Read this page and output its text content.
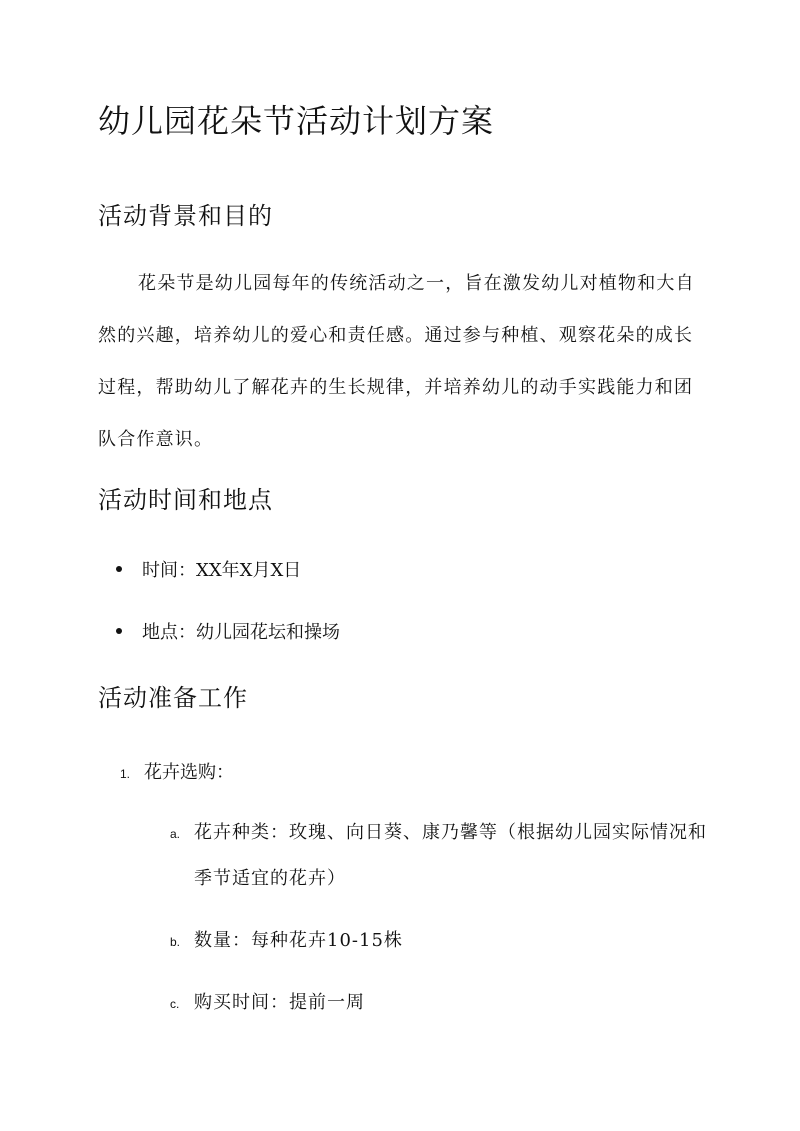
幼儿园花朵节活动计划方案
活动背景和目的

花朵节是幼儿园每年的传统活动之一，旨在激发幼儿对植物和大自然的兴趣，培养幼儿的爱心和责任感。通过参与种植、观察花朵的成长过程，帮助幼儿了解花卉的生长规律，并培养幼儿的动手实践能力和团队合作意识。

活动时间和地点
时间：XX年X月X日
地点：幼儿园花坛和操场
活动准备工作
1. 花卉选购：
a. 花卉种类：玫瑰、向日葵、康乃馨等（根据幼儿园实际情况和季节适宜的花卉）
b. 数量：每种花卉10-15株
c. 购买时间：提前一周
